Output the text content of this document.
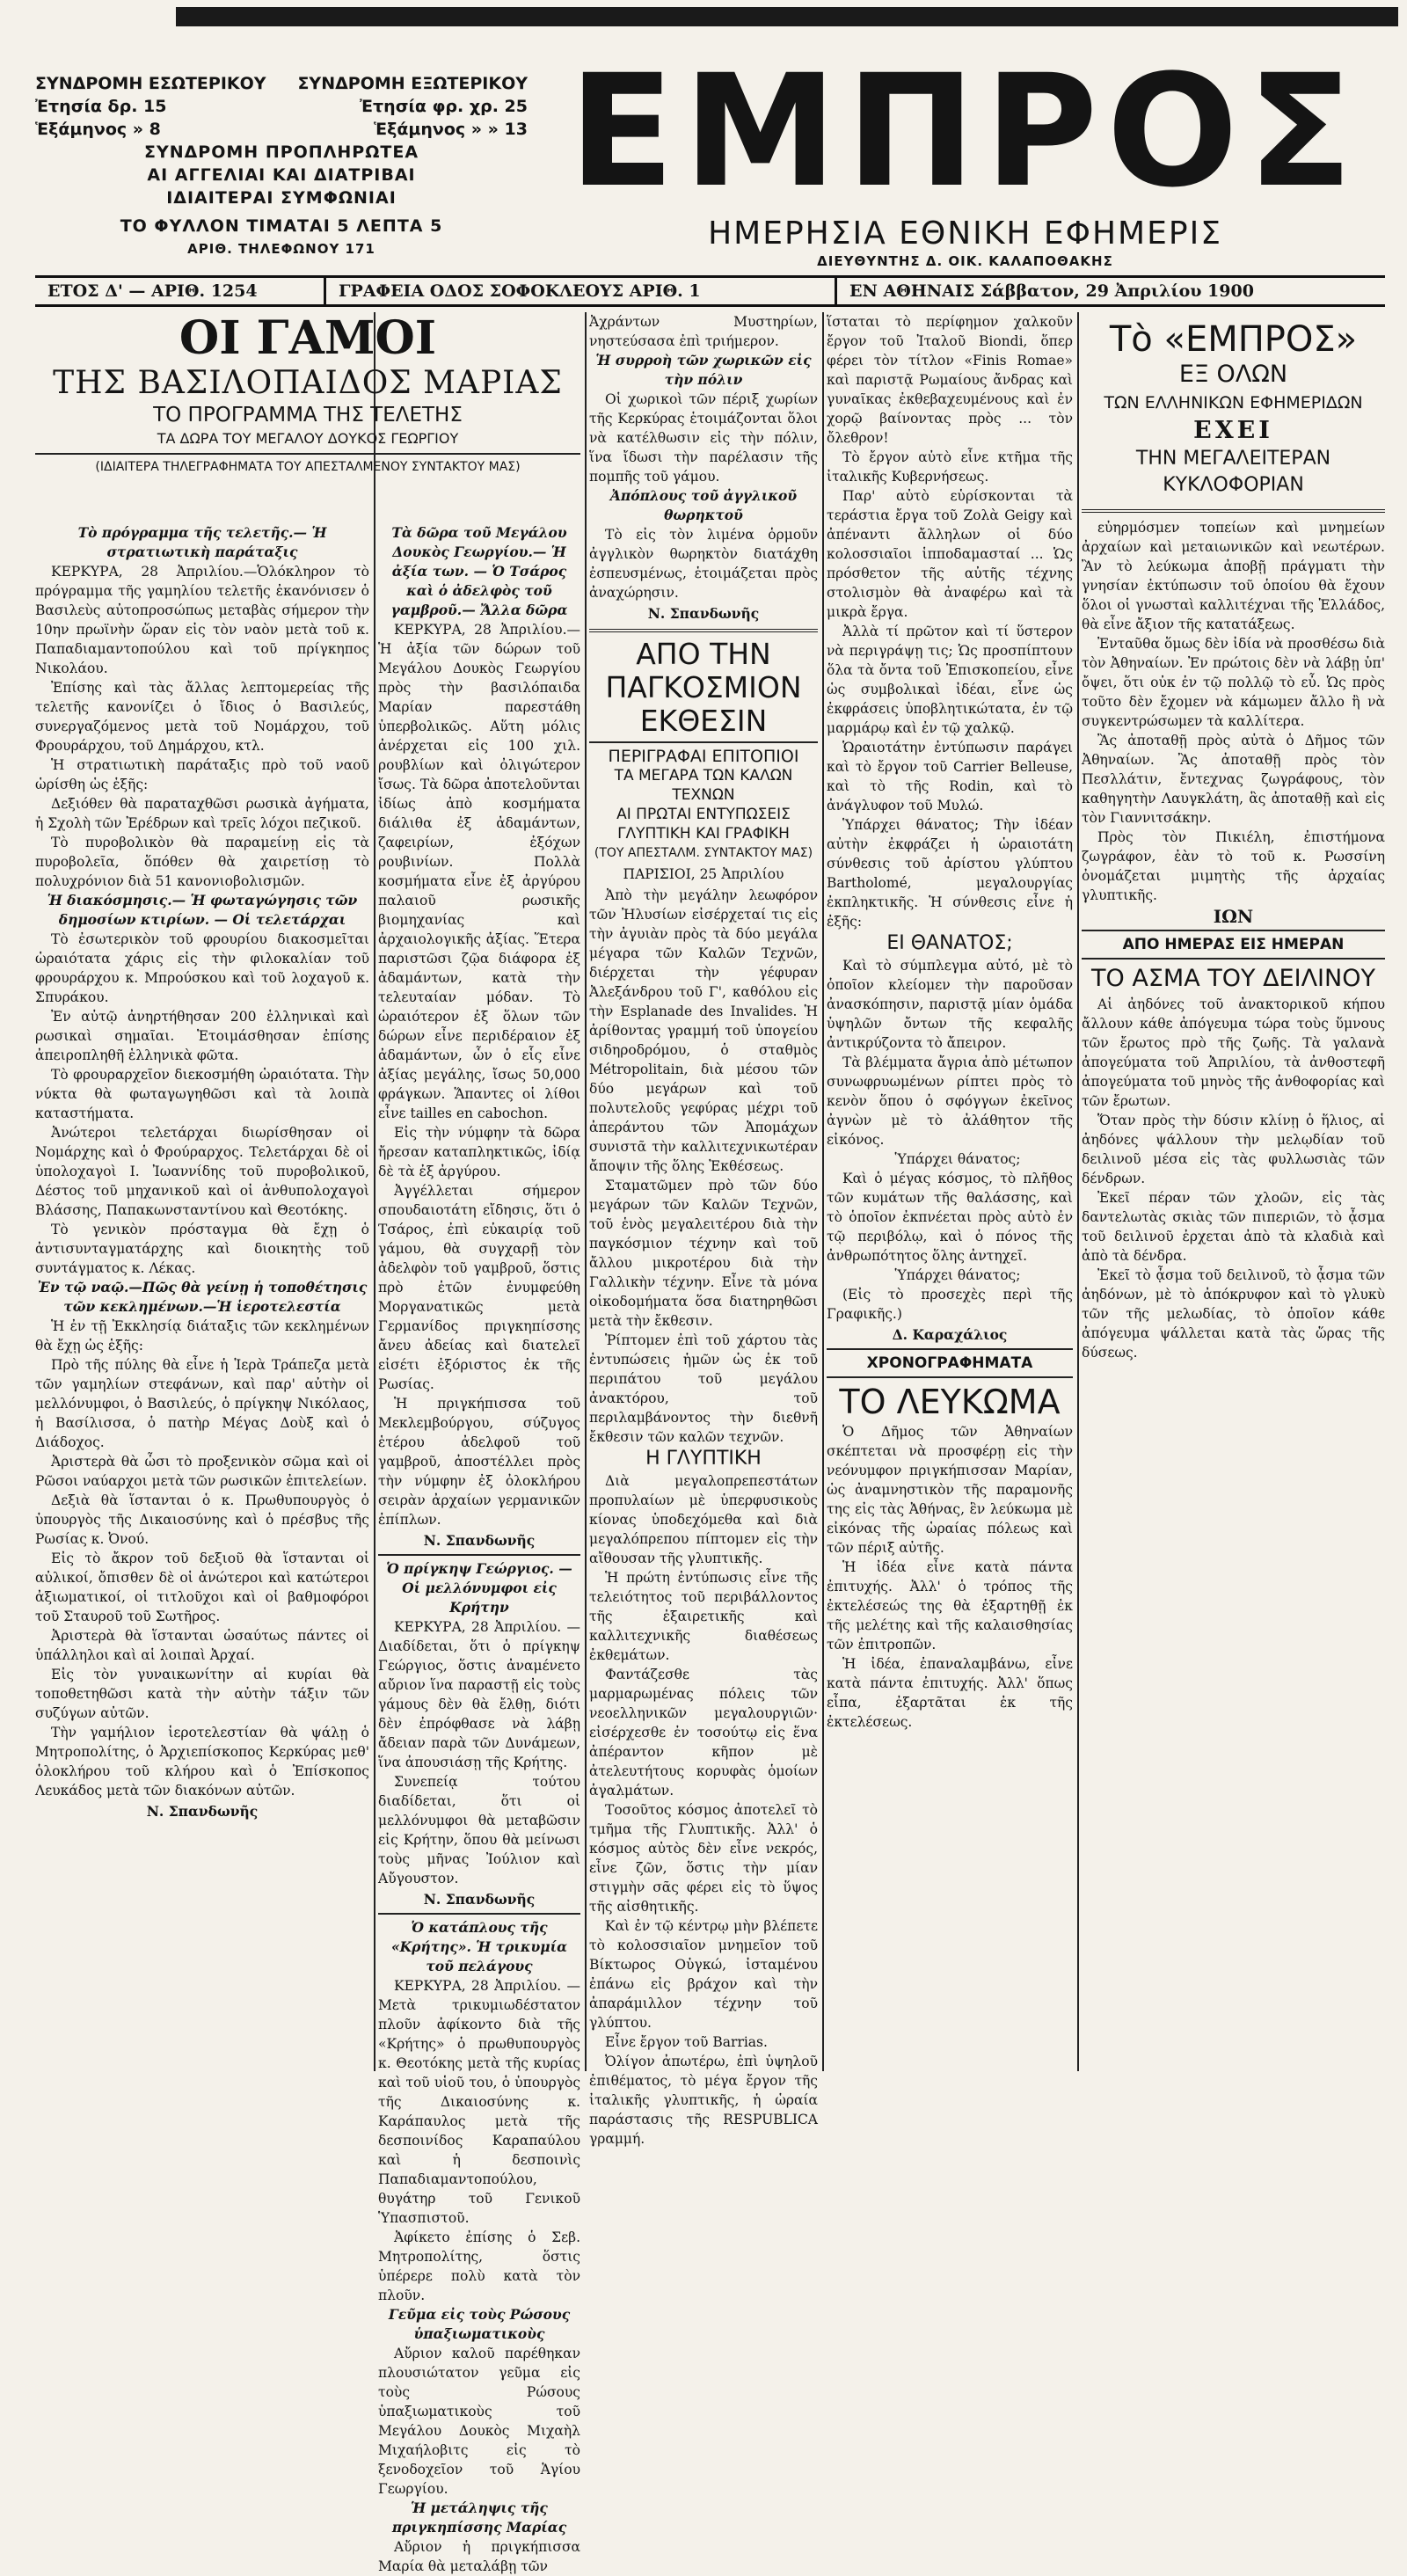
ΣΥΝΔΡΟΜΗ ΕΣΩΤΕΡΙΚΟΥ ΣΥΝΔΡΟΜΗ ΕΞΩΤΕΡΙΚΟΥ
Ἐτησία δρ. 15	Ἐτησία φρ. χρ. 25
Ἑξάμηνος » 8	Ἑξάμηνος » » 13
ΣΥΝΔΡΟΜΗ ΠΡΟΠΛΗΡΩΤΕΑ
ΑΙ ΑΓΓΕΛΙΑΙ ΚΑΙ ΔΙΑΤΡΙΒΑΙ
ΙΔΙΑΙΤΕΡΑΙ ΣΥΜΦΩΝΙΑΙ
ΤΟ ΦΥΛΛΟΝ ΤΙΜΑΤΑΙ 5 ΛΕΠΤΑ 5
ΑΡΙΘ. ΤΗΛΕΦΩΝΟΥ 171
ΕΜΠΡΟΣ
ΗΜΕΡΗΣΙΑ ΕΘΝΙΚΗ ΕΦΗΜΕΡΙΣ
ΔΙΕΥΘΥΝΤΗΣ Δ. ΟΙΚ. ΚΑΛΑΠΟΘΑΚΗΣ
ΕΤΟΣ Δ' — ΑΡΙΘ. 1254	ΓΡΑΦΕΙΑ ΟΔΟΣ ΣΟΦΟΚΛΕΟΥΣ ΑΡΙΘ. 1	ΕΝ ΑΘΗΝΑΙΣ Σάββατον, 29 Ἀπριλίου 1900
ΟΙ ΓΑΜΟΙ
ΤΗΣ ΒΑΣΙΛΟΠΑΙΔΟΣ ΜΑΡΙΑΣ
ΤΟ ΠΡΟΓΡΑΜΜΑ ΤΗΣ ΤΕΛΕΤΗΣ
ΤΑ ΔΩΡΑ ΤΟΥ ΜΕΓΑΛΟΥ ΔΟΥΚΟΣ ΓΕΩΡΓΙΟΥ
(ΙΔΙΑΙΤΕΡΑ ΤΗΛΕΓΡΑΦΗΜΑΤΑ ΤΟΥ ΑΠΕΣΤΑΛΜΕΝΟΥ ΣΥΝΤΑΚΤΟΥ ΜΑΣ)
Τὸ πρόγραμμα τῆς τελετῆς.— Ἡ στρατιωτικὴ παράταξις

ΚΕΡΚΥΡΑ, 28 Ἀπριλίου.—Ὁλόκληρον τὸ πρόγραμμα τῆς γαμηλίου τελετῆς ἐκανόνισεν ὁ Βασιλεὺς αὐτοπροσώπως μεταβὰς σήμερον τὴν 10ην πρωϊνὴν ὥραν εἰς τὸν ναὸν μετὰ τοῦ κ. Παπαδιαμαντοπούλου καὶ τοῦ πρίγκηπος Νικολάου.

Ἐπίσης καὶ τὰς ἄλλας λεπτομερείας τῆς τελετῆς κανονίζει ὁ ἴδιος ὁ Βασιλεύς, συνεργαζόμενος μετὰ τοῦ Νομάρχου, τοῦ Φρουράρχου, τοῦ Δημάρχου, κτλ.

Ἡ στρατιωτικὴ παράταξις πρὸ τοῦ ναοῦ ὡρίσθη ὡς ἑξῆς:

Δεξιόθεν θὰ παραταχθῶσι ρωσικὰ ἀγήματα, ἡ Σχολὴ τῶν Ἐρέδρων καὶ τρεῖς λόχοι πεζικοῦ.

Τὸ πυροβολικὸν θὰ παραμείνῃ εἰς τὰ πυροβολεῖα, ὅπόθεν θὰ χαιρετίσῃ τὸ πολυχρόνιον διὰ 51 κανονιοβολισμῶν.

Ἡ διακόσμησις.— Ἡ φωταγώγησις τῶν δημοσίων κτιρίων. — Οἱ τελετάρχαι

Τὸ ἐσωτερικὸν τοῦ φρουρίου διακοσμεῖται ὡραιότατα χάρις εἰς τὴν φιλοκαλίαν τοῦ φρουράρχου κ. Μπρούσκου καὶ τοῦ λοχαγοῦ κ. Σπυράκου.

Ἐν αὐτῷ ἀνηρτήθησαν 200 ἑλληνικαὶ καὶ ρωσικαὶ σημαῖαι. Ἑτοιμάσθησαν ἐπίσης ἀπειροπληθῆ ἑλληνικὰ φῶτα.

Τὸ φρουραρχεῖον διεκοσμήθη ὡραιότατα. Τὴν νύκτα θὰ φωταγωγηθῶσι καὶ τὰ λοιπὰ καταστήματα.

Ἀνώτεροι τελετάρχαι διωρίσθησαν οἱ Νομάρχης καὶ ὁ Φρούραρχος. Τελετάρχαι δὲ οἱ ὑπολοχαγοὶ Ι. Ἰωαννίδης τοῦ πυροβολικοῦ, Δέστος τοῦ μηχανικοῦ καὶ οἱ ἀνθυπολοχαγοὶ Βλάσσης, Παπακωνσταντίνου καὶ Θεοτόκης.

Τὸ γενικὸν πρόσταγμα θὰ ἔχῃ ὁ ἀντισυνταγματάρχης καὶ διοικητὴς τοῦ συντάγματος κ. Λέκας.

Ἐν τῷ ναῷ.—Πῶς θὰ γείνῃ ἡ τοποθέτησις τῶν κεκλημένων.—Ἡ ἱεροτελεστία

Ἡ ἐν τῇ Ἐκκλησίᾳ διάταξις τῶν κεκλημένων θὰ ἔχῃ ὡς ἑξῆς:

Πρὸ τῆς πύλης θὰ εἶνε ἡ Ἱερὰ Τράπεζα μετὰ τῶν γαμηλίων στεφάνων, καὶ παρ' αὐτὴν οἱ μελλόνυμφοι, ὁ Βασιλεύς, ὁ πρίγκηψ Νικόλαος, ἡ Βασίλισσα, ὁ πατὴρ Μέγας Δοὺξ καὶ ὁ Διάδοχος.

Ἀριστερὰ θὰ ὦσι τὸ προξενικὸν σῶμα καὶ οἱ Ρῶσοι ναύαρχοι μετὰ τῶν ρωσικῶν ἐπιτελείων.

Δεξιὰ θὰ ἵστανται ὁ κ. Πρωθυπουργὸς ὁ ὑπουργὸς τῆς Δικαιοσύνης καὶ ὁ πρέσβυς τῆς Ρωσίας κ. Ὀνού.

Εἰς τὸ ἄκρον τοῦ δεξιοῦ θὰ ἵστανται οἱ αὐλικοί, ὄπισθεν δὲ οἱ ἀνώτεροι καὶ κατώτεροι ἀξιωματικοί, οἱ τιτλοῦχοι καὶ οἱ βαθμοφόροι τοῦ Σταυροῦ τοῦ Σωτῆρος.

Ἀριστερὰ θὰ ἵστανται ὡσαύτως πάντες οἱ ὑπάλληλοι καὶ αἱ λοιπαὶ Ἀρχαί.

Εἰς τὸν γυναικωνίτην αἱ κυρίαι θὰ τοποθετηθῶσι κατὰ τὴν αὐτὴν τάξιν τῶν συζύγων αὐτῶν.

Τὴν γαμήλιον ἱεροτελεστίαν θὰ ψάλῃ ὁ Μητροπολίτης, ὁ Ἀρχιεπίσκοπος Κερκύρας μεθ' ὁλοκλήρου τοῦ κλήρου καὶ ὁ Ἐπίσκοπος Λευκάδος μετὰ τῶν διακόνων αὐτῶν.

Ν. Σπανδωνῆς
Τὰ δῶρα τοῦ Μεγάλου Δουκὸς Γεωργίου.— Ἡ ἀξία των. — Ὁ Τσάρος καὶ ὁ ἀδελφὸς τοῦ γαμβροῦ.— Ἄλλα δῶρα

ΚΕΡΚΥΡΑ, 28 Ἀπριλίου.— Ἡ ἀξία τῶν δώρων τοῦ Μεγάλου Δουκὸς Γεωργίου πρὸς τὴν βασιλόπαιδα Μαρίαν παρεστάθη ὑπερβολικῶς. Αὕτη μόλις ἀνέρχεται εἰς 100 χιλ. ρουβλίων καὶ ὀλιγώτερον ἴσως. Τὰ δῶρα ἀποτελοῦνται ἰδίως ἀπὸ κοσμήματα διάλιθα ἐξ ἀδαμάντων, ζαφειρίων, ἐξόχων ρουβινίων. Πολλὰ κοσμήματα εἶνε ἐξ ἀργύρου παλαιοῦ ρωσικῆς βιομηχανίας καὶ ἀρχαιολογικῆς ἀξίας. Ἕτερα παριστῶσι ζῷα διάφορα ἐξ ἀδαμάντων, κατὰ τὴν τελευταίαν μόδαν. Τὸ ὡραιότερον ἐξ ὅλων τῶν δώρων εἶνε περιδέραιον ἐξ ἀδαμάντων, ὧν ὁ εἷς εἶνε ἀξίας μεγάλης, ἴσως 50,000 φράγκων. Ἅπαντες οἱ λίθοι εἶνε tailles en cabochon.

Εἰς τὴν νύμφην τὰ δῶρα ἤρεσαν καταπληκτικῶς, ἰδίᾳ δὲ τὰ ἐξ ἀργύρου.

Ἀγγέλλεται σήμερον σπουδαιοτάτη εἴδησις, ὅτι ὁ Τσάρος, ἐπὶ εὐκαιρίᾳ τοῦ γάμου, θὰ συγχαρῇ τὸν ἀδελφὸν τοῦ γαμβροῦ, ὅστις πρὸ ἐτῶν ἐνυμφεύθη Μοργανατικῶς μετὰ Γερμανίδος πριγκηπίσσης ἄνευ ἀδείας καὶ διατελεῖ εἰσέτι ἐξόριστος ἐκ τῆς Ρωσίας.

Ἡ πριγκήπισσα τοῦ Μεκλεμβούργου, σύζυγος ἑτέρου ἀδελφοῦ τοῦ γαμβροῦ, ἀποστέλλει πρὸς τὴν νύμφην ἐξ ὀλοκλήρου σειρὰν ἀρχαίων γερμανικῶν ἐπίπλων.

Ν. Σπανδωνῆς
Ὁ πρίγκηψ Γεώργιος. — Οἱ μελλόνυμφοι εἰς Κρήτην

ΚΕΡΚΥΡΑ, 28 Ἀπριλίου. — Διαδίδεται, ὅτι ὁ πρίγκηψ Γεώργιος, ὅστις ἀναμένετο αὔριον ἵνα παραστῇ εἰς τοὺς γάμους δὲν θὰ ἔλθῃ, διότι δὲν ἐπρόφθασε νὰ λάβῃ ἄδειαν παρὰ τῶν Δυνάμεων, ἵνα ἀπουσιάσῃ τῆς Κρήτης.

Συνεπείᾳ τούτου διαδίδεται, ὅτι οἱ μελλόνυμφοι θὰ μεταβῶσιν εἰς Κρήτην, ὅπου θὰ μείνωσι τοὺς μῆνας Ἰούλιον καὶ Αὔγουστον.

Ν. Σπανδωνῆς
Ὁ κατάπλους τῆς «Κρήτης». Ἡ τρικυμία τοῦ πελάγους

ΚΕΡΚΥΡΑ, 28 Ἀπριλίου. — Μετὰ τρικυμιωδέστατον πλοῦν ἀφίκοντο διὰ τῆς «Κρήτης» ὁ πρωθυπουργὸς κ. Θεοτόκης μετὰ τῆς κυρίας καὶ τοῦ υἱοῦ του, ὁ ὑπουργὸς τῆς Δικαιοσύνης κ. Καράπαυλος μετὰ τῆς δεσποινίδος Καραπαύλου καὶ ἡ δεσποινὶς Παπαδιαμαντοπούλου, θυγάτηρ τοῦ Γενικοῦ Ὑπασπιστοῦ.

Ἀφίκετο ἐπίσης ὁ Σεβ. Μητροπολίτης, ὅστις ὑπέρερε πολὺ κατὰ τὸν πλοῦν.

Γεῦμα εἰς τοὺς Ρώσους ὑπαξιωματικοὺς

Αὔριον καλοῦ παρέθηκαν πλουσιώτατον γεῦμα εἰς τοὺς Ρώσους ὑπαξιωματικοὺς τοῦ Μεγάλου Δουκὸς Μιχαὴλ Μιχαήλοβιτς εἰς τὸ ξενοδοχεῖον τοῦ Ἁγίου Γεωργίου.

Ἡ μετάληψις τῆς πριγκηπίσσης Μαρίας

Αὔριον ἡ πριγκήπισσα Μαρία θὰ μεταλάβῃ τῶν

Ἀχράντων Μυστηρίων, νηστεύσασα ἐπὶ τριήμερον.

Ἡ συρροὴ τῶν χωρικῶν εἰς τὴν πόλιν

Οἱ χωρικοὶ τῶν πέριξ χωρίων τῆς Κερκύρας ἑτοιμάζονται ὅλοι νὰ κατέλθωσιν εἰς τὴν πόλιν, ἵνα ἴδωσι τὴν παρέλασιν τῆς πομπῆς τοῦ γάμου.

Ἀπόπλους τοῦ ἀγγλικοῦ θωρηκτοῦ

Τὸ εἰς τὸν λιμένα ὁρμοῦν ἀγγλικὸν θωρηκτὸν διατάχθη ἐσπευσμένως, ἑτοιμάζεται πρὸς ἀναχώρησιν.

Ν. Σπανδωνῆς
ΑΠΟ ΤΗΝ ΠΑΓΚΟΣΜΙΟΝ
ΕΚΘΕΣΙΝ
ΠΕΡΙΓΡΑΦΑΙ ΕΠΙΤΟΠΙΟΙ
ΤΑ ΜΕΓΑΡΑ ΤΩΝ ΚΑΛΩΝ ΤΕΧΝΩΝ
ΑΙ ΠΡΩΤΑΙ ΕΝΤΥΠΩΣΕΙΣ
ΓΛΥΠΤΙΚΗ ΚΑΙ ΓΡΑΦΙΚΗ
(ΤΟΥ ΑΠΕΣΤΑΛΜ. ΣΥΝΤΑΚΤΟΥ ΜΑΣ)
ΠΑΡΙΣΙΟΙ, 25 Ἀπριλίου

Ἀπὸ τὴν μεγάλην λεωφόρον τῶν Ἠλυσίων εἰσέρχεταί τις εἰς τὴν ἀγυιὰν πρὸς τὰ δύο μεγάλα μέγαρα τῶν Καλῶν Τεχνῶν, διέρχεται τὴν γέφυραν Ἀλεξάνδρου τοῦ Γ', καθόλου εἰς τὴν Esplanade des Invalides. Ἡ ἀρίθοντας γραμμή τοῦ ὑπογείου σιδηροδρόμου, ὁ σταθμὸς Métropolitain, διὰ μέσου τῶν δύο μεγάρων καὶ τοῦ πολυτελοῦς γεφύρας μέχρι τοῦ ἀπεράντου τῶν Ἀπομάχων συνιστᾶ τὴν καλλιτεχνικωτέραν ἄποψιν τῆς ὅλης Ἐκθέσεως.

Σταματῶμεν πρὸ τῶν δύο μεγάρων τῶν Καλῶν Τεχνῶν, τοῦ ἑνὸς μεγαλειτέρου διὰ τὴν παγκόσμιον τέχνην καὶ τοῦ ἄλλου μικροτέρου διὰ τὴν Γαλλικὴν τέχνην. Εἶνε τὰ μόνα οἰκοδομήματα ὅσα διατηρηθῶσι μετὰ τὴν ἔκθεσιν.

Ῥίπτομεν ἐπὶ τοῦ χάρτου τὰς ἐντυπώσεις ἡμῶν ὡς ἐκ τοῦ περιπάτου τοῦ μεγάλου ἀνακτόρου, τοῦ περιλαμβάνοντος τὴν διεθνῆ ἔκθεσιν τῶν καλῶν τεχνῶν.

Η ΓΛΥΠΤΙΚΗ

Διὰ μεγαλοπρεπεστάτων προπυλαίων μὲ ὑπερφυσικοὺς κίονας ὑποδεχόμεθα καὶ διὰ μεγαλόπρεπου πίπτομεν εἰς τὴν αἴθουσαν τῆς γλυπτικῆς.

Ἡ πρώτη ἐντύπωσις εἶνε τῆς τελειότητος τοῦ περιβάλλοντος τῆς ἐξαιρετικῆς καὶ καλλιτεχνικῆς διαθέσεως ἐκθεμάτων.

Φαντάζεσθε τὰς μαρμαρωμένας πόλεις τῶν νεοελληνικῶν μεγαλουργιῶν· εἰσέρχεσθε ἐν τοσούτῳ εἰς ἕνα ἀπέραντον κῆπον μὲ ἀτελευτήτους κορυφὰς ὁμοίων ἀγαλμάτων.

Τοσοῦτος κόσμος ἀποτελεῖ τὸ τμῆμα τῆς Γλυπτικῆς. Ἀλλ' ὁ κόσμος αὐτὸς δὲν εἶνε νεκρός, εἶνε ζῶν, ὅστις τὴν μίαν στιγμὴν σᾶς φέρει εἰς τὸ ὕψος τῆς αἰσθητικῆς.

Καὶ ἐν τῷ κέντρῳ μὴν βλέπετε τὸ κολοσσιαῖον μνημεῖον τοῦ Βίκτωρος Οὑγκώ, ἰσταμένου ἐπάνω εἰς βράχον καὶ τὴν ἀπαράμιλλον τέχνην τοῦ γλύπτου.

Εἶνε ἔργον τοῦ Barrias.

Ὀλίγον ἀπωτέρω, ἐπὶ ὑψηλοῦ ἐπιθέματος, τὸ μέγα ἔργον τῆς ἰταλικῆς γλυπτικῆς, ἡ ὡραία παράστασις τῆς RESPUBLICA γραμμή.

ἵσταται τὸ περίφημον χαλκοῦν ἔργον τοῦ Ἰταλοῦ Biondi, ὅπερ φέρει τὸν τίτλον «Finis Romae» καὶ παριστᾷ Ρωμαίους ἄνδρας καὶ γυναῖκας ἐκθεβαχευμένους καὶ ἐν χορῷ βαίνοντας πρὸς ... τὸν ὄλεθρον!

Τὸ ἔργον αὐτὸ εἶνε κτῆμα τῆς ἰταλικῆς Κυβερνήσεως.

Παρ' αὐτὸ εὑρίσκονται τὰ τεράστια ἔργα τοῦ Ζολὰ Geigy καὶ ἀπέναντι ἄλληλων οἱ δύο κολοσσιαῖοι ἱπποδαμασταί ... Ὡς πρόσθετον τῆς αὐτῆς τέχνης στολισμὸν θὰ ἀναφέρω καὶ τὰ μικρὰ ἔργα.

Ἀλλὰ τί πρῶτον καὶ τί ὕστερον νὰ περιγράψῃ τις; Ὡς προσπίπτουν ὅλα τὰ ὄντα τοῦ Ἐπισκοπείου, εἶνε ὡς συμβολικαὶ ἰδέαι, εἶνε ὡς ἐκφράσεις ὑποβλητικώτατα, ἐν τῷ μαρμάρῳ καὶ ἐν τῷ χαλκῷ.

Ὡραιοτάτην ἐντύπωσιν παράγει καὶ τὸ ἔργον τοῦ Carrier Belleuse, καὶ τὸ τῆς Rodin, καὶ τὸ ἀνάγλυφον τοῦ Μυλώ.

Ὑπάρχει θάνατος; Τὴν ἰδέαν αὐτὴν ἐκφράζει ἡ ὡραιοτάτη σύνθεσις τοῦ ἀρίστου γλύπτου Bartholomé, μεγαλουργίας ἐκπληκτικῆς. Ἡ σύνθεσις εἶνε ἡ ἐξῆς:

ΕΙ ΘΑΝΑΤΟΣ;

Καὶ τὸ σύμπλεγμα αὐτό, μὲ τὸ ὁποῖον κλείομεν τὴν παροῦσαν ἀνασκόπησιν, παριστᾷ μίαν ὁμάδα ὑψηλῶν ὄντων τῆς κεφαλῆς ἀντικρύζοντα τὸ ἄπειρον.

Τὰ βλέμματα ἄγρια ἀπὸ μέτωπον συνωφρυωμένων ρίπτει πρὸς τὸ κενὸν ὅπου ὁ σφόγγων ἐκεῖνος ἀγνὼν μὲ τὸ ἀλάθητον τῆς εἰκόνος.

Ὑπάρχει θάνατος;

Καὶ ὁ μέγας κόσμος, τὸ πλῆθος τῶν κυμάτων τῆς θαλάσσης, καὶ τὸ ὁποῖον ἐκπνέεται πρὸς αὐτὸ ἐν τῷ περιβόλῳ, καὶ ὁ πόνος τῆς ἀνθρωπότητος ὅλης ἀντηχεῖ.

Ὑπάρχει θάνατος;

(Εἰς τὸ προσεχὲς περὶ τῆς Γραφικῆς.)

Δ. Καραχάλιος
ΧΡΟΝΟΓΡΑΦΗΜΑΤΑ
ΤΟ ΛΕΥΚΩΜΑ

Ὁ Δῆμος τῶν Ἀθηναίων σκέπτεται νὰ προσφέρῃ εἰς τὴν νεόνυμφον πριγκήπισσαν Μαρίαν, ὡς ἀναμνηστικὸν τῆς παραμονῆς της εἰς τὰς Ἀθήνας, ἓν λεύκωμα μὲ εἰκόνας τῆς ὡραίας πόλεως καὶ τῶν πέριξ αὐτῆς.

Ἡ ἰδέα εἶνε κατὰ πάντα ἐπιτυχής. Ἀλλ' ὁ τρόπος τῆς ἐκτελέσεώς της θὰ ἐξαρτηθῇ ἐκ τῆς μελέτης καὶ τῆς καλαισθησίας τῶν ἐπιτροπῶν.

Ἡ ἰδέα, ἐπαναλαμβάνω, εἶνε κατὰ πάντα ἐπιτυχής. Ἀλλ' ὅπως εἶπα, ἐξαρτᾶται ἐκ τῆς ἐκτελέσεως.

Τὸ «ΕΜΠΡΟΣ»
ΕΞ ΟΛΩΝ
ΤΩΝ ΕΛΛΗΝΙΚΩΝ ΕΦΗΜΕΡΙΔΩΝ
ΕΧΕΙ
ΤΗΝ ΜΕΓΑΛΕΙΤΕΡΑΝ
ΚΥΚΛΟΦΟΡΙΑΝ

εὐηρμόσμεν τοπείων καὶ μνημείων ἀρχαίων καὶ μεταιωνικῶν καὶ νεωτέρων. Ἂν τὸ λεύκωμα ἀποβῇ πράγματι τὴν γνησίαν ἐκτύπωσιν τοῦ ὁποίου θὰ ἔχουν ὅλοι οἱ γνωσταὶ καλλιτέχναι τῆς Ἑλλάδος, θὰ εἶνε ἄξιον τῆς κατατάξεως.

Ἐνταῦθα ὅμως δὲν ἰδία νὰ προσθέσω διὰ τὸν Ἀθηναίων. Ἐν πρώτοις δὲν νὰ λάβῃ ὑπ' ὄψει, ὅτι οὐκ ἐν τῷ πολλῷ τὸ εὖ. Ὡς πρὸς τοῦτο δὲν ἔχομεν νὰ κάμωμεν ἄλλο ἢ νὰ συγκεντρώσωμεν τὰ καλλίτερα.

Ἂς ἀποταθῇ πρὸς αὐτὰ ὁ Δῆμος τῶν Ἀθηναίων. Ἂς ἀποταθῇ πρὸς τὸν Πεσλλάτιν, ἔντεχνας ζωγράφους, τὸν καθηγητὴν Λαυγκλάτη, ἃς ἀποταθῇ καὶ εἰς τὸν Γιαννιτσάκην.

Πρὸς τὸν Πικιέλη, ἐπιστήμονα ζωγράφον, ἐὰν τὸ τοῦ κ. Ρωσσίνη ὀνομάζεται μιμητὴς τῆς ἀρχαίας γλυπτικῆς.

ΙΩΝ
ΑΠΟ ΗΜΕΡΑΣ ΕΙΣ ΗΜΕΡΑΝ
ΤΟ ΑΣΜΑ ΤΟΥ ΔΕΙΛΙΝΟΥ

Αἱ ἀηδόνες τοῦ ἀνακτορικοῦ κήπου ἄλλουν κάθε ἀπόγευμα τώρα τοὺς ὕμνους τῶν ἔρωτος πρὸ τῆς ζωῆς. Τὰ γαλανὰ ἀπογεύματα τοῦ Ἀπριλίου, τὰ ἀνθοστεφῆ ἀπογεύματα τοῦ μηνὸς τῆς ἀνθοφορίας καὶ τῶν ἔρωτων.

Ὅταν πρὸς τὴν δύσιν κλίνῃ ὁ ἥλιος, αἱ ἀηδόνες ψάλλουν τὴν μελῳδίαν τοῦ δειλινοῦ μέσα εἰς τὰς φυλλωσιὰς τῶν δένδρων.

Ἐκεῖ πέραν τῶν χλοῶν, εἰς τὰς δαντελωτὰς σκιὰς τῶν πιπεριῶν, τὸ ᾆσμα τοῦ δειλινοῦ ἐρχεται ἀπὸ τὰ κλαδιὰ καὶ ἀπὸ τὰ δένδρα.

Ἐκεῖ τὸ ᾆσμα τοῦ δειλινοῦ, τὸ ᾆσμα τῶν ἀηδόνων, μὲ τὸ ἀπόκρυφον καὶ τὸ γλυκὺ τῶν τῆς μελωδίας, τὸ ὁποῖον κάθε ἀπόγευμα ψάλλεται κατὰ τὰς ὥρας τῆς δύσεως.
